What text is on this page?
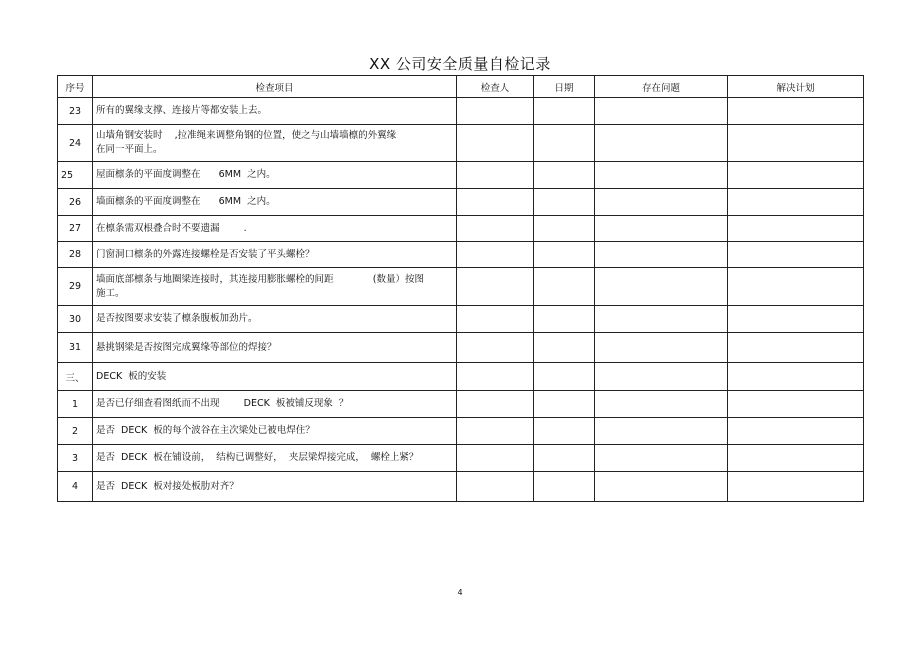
XX 公司安全质量自检记录
序号	检查项目	检查人	日期	存在问题	解决计划
23	所有的翼缘支撑、连接片等都安装上去。				
24	山墙角钢安装时    ,拉准绳来调整角钢的位置，使之与山墙墙檩的外翼缘
在同一平面上。				
25	屋面檩条的平面度调整在      6MM  之内。				
26	墙面檩条的平面度调整在      6MM  之内。				
27	在檩条需双根叠合时不要遗漏        .				
28	门窗洞口檩条的外露连接螺栓是否安装了平头螺栓？				
29	墙面底部檩条与地圈梁连接时，其连接用膨胀螺栓的间距             (数量）按图
施工。				
30	是否按图要求安装了檩条腹板加劲片。				
31	悬挑钢梁是否按图完成翼缘等部位的焊接？				
三、	DECK  板的安装				
1	是否已仔细查看图纸而不出现        DECK  板被铺反现象  ？				
2	是否  DECK  板的每个波谷在主次梁处已被电焊住？				
3	是否  DECK  板在铺设前，  结构已调整好，  夹层梁焊接完成，  螺栓上紧？				
4	是否  DECK  板对接处板肋对齐？				
4
